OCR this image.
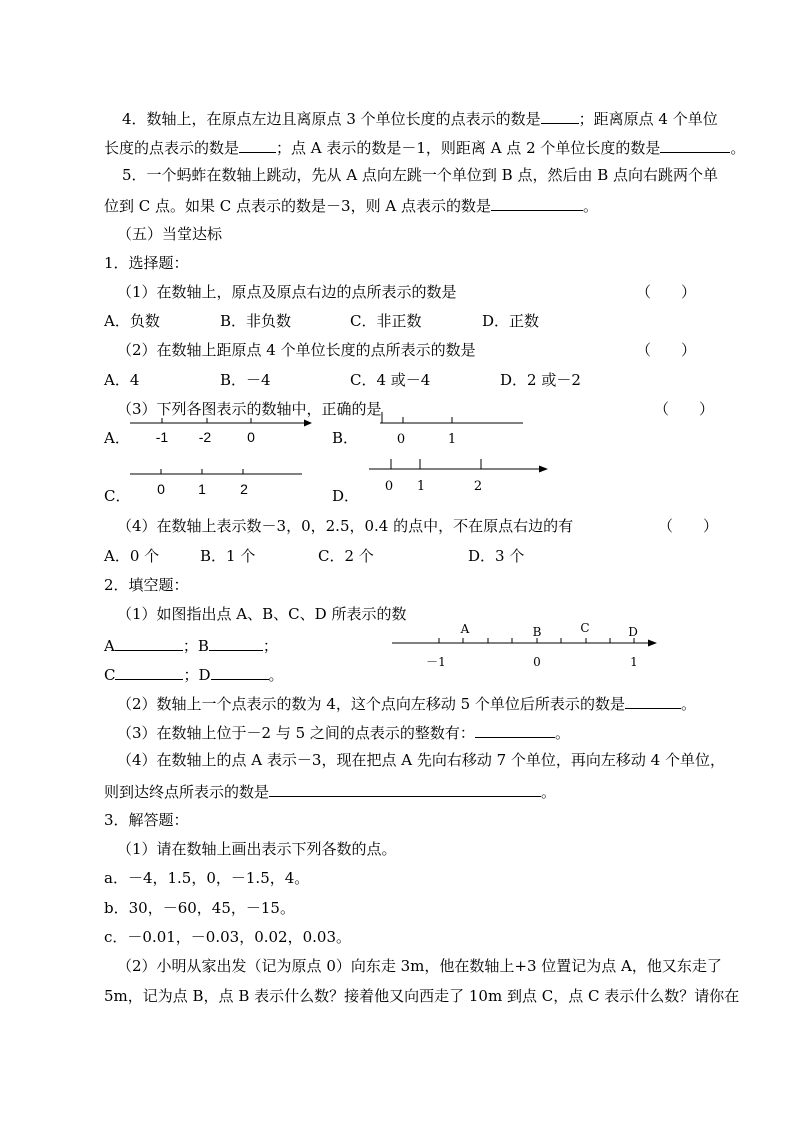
4．数轴上，在原点左边且离原点 3 个单位长度的点表示的数是	；距离原点 4 个单位
长度的点表示的数是 ；点 A 表示的数是－1，则距离 A 点 2 个单位长度的数是	。
5．一个蚂蚱在数轴上跳动，先从 A 点向左跳一个单位到 B 点，然后由 B 点向右跳两个单
位到 C 点。如果 C 点表示的数是－3，则 A 点表示的数是	。
（五）当堂达标
1．选择题：
（1）在数轴上，原点及原点右边的点所表示的数是	（　　）
A．负数	B．非负数	C．非正数	D．正数
（2）在数轴上距原点 4 个单位长度的点所表示的数是	（　　）
A．4	B．－4	C．4 或－4	D．2 或－2
（3）下列各图表示的数轴中，正确的是	（　　）
A．	B．
C．	D．
-1 -2	0	0	1
0 1 2	0 1	2
A	B	C	D
－1	0	1
（4）在数轴上表示数－3，0，2.5，0.4 的点中，不在原点右边的有	（　　）
A．0 个	B．1 个	C．2 个	D．3 个
2．填空题：
（1）如图指出点 A、B、C、D 所表示的数
A	；B	；
C	；D	。
（2）数轴上一个点表示的数为 4，这个点向左移动 5 个单位后所表示的数是	。
（3）在数轴上位于－2 与 5 之间的点表示的整数有：	。
（4）在数轴上的点 A 表示－3，现在把点 A 先向右移动 7 个单位，再向左移动 4 个单位，
则到达终点所表示的数是	。
3．解答题：
（1）请在数轴上画出表示下列各数的点。
a．－4，1.5，0，－1.5，4。
b．30，－60，45，－15。
c．－0.01，－0.03，0.02，0.03。
（2）小明从家出发（记为原点 0）向东走 3m，他在数轴上+3 位置记为点 A，他又东走了
5m，记为点 B，点 B 表示什么数？接着他又向西走了 10m 到点 C，点 C 表示什么数？请你在
